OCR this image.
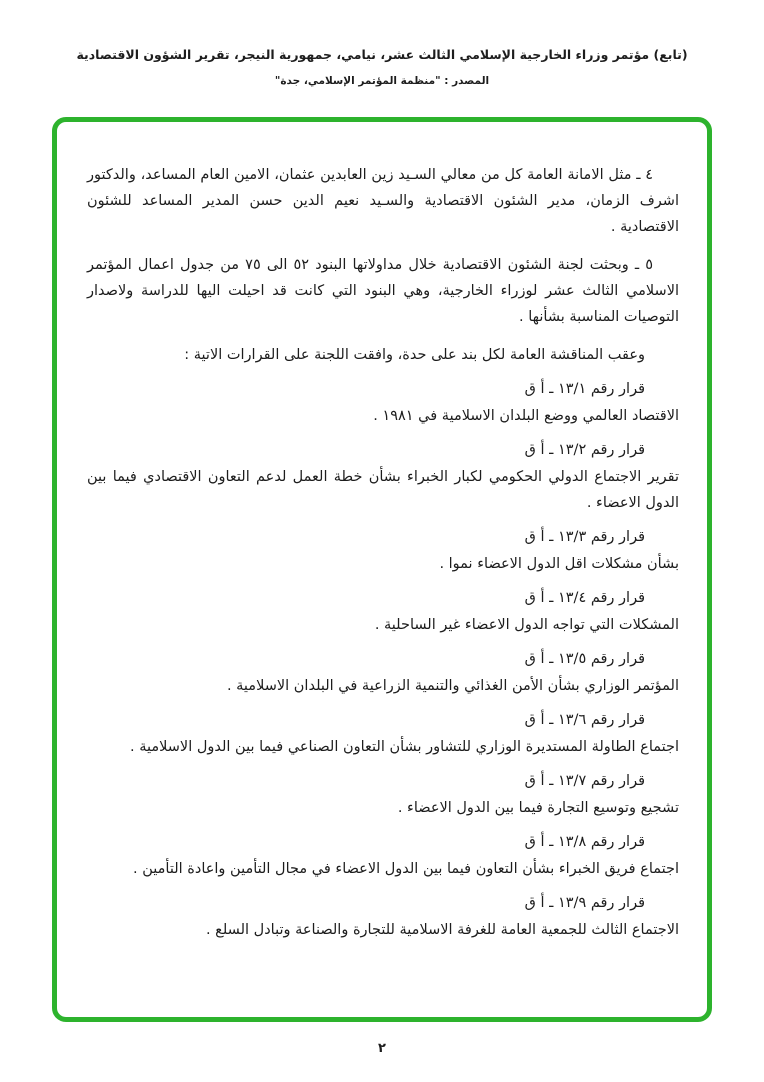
(تابع) مؤتمر وزراء الخارجية الإسلامي الثالث عشر، نيامي، جمهورية النيجر، تقرير الشؤون الاقتصادية
المصدر : "منظمة المؤتمر الإسلامي، جدة"

٤ ـ مثل الامانة العامة كل من معالي السـيد زين العابدين عثمان، الامين العام المساعد، والدكتور اشرف الزمان، مدير الشئون الاقتصادية والسـيد نعيم الدين حسن المدير المساعد للشئون الاقتصادية .

٥ ـ وبحثت لجنة الشئون الاقتصادية خلال مداولاتها البنود ٥٢ الى ٧٥ من جدول اعمال المؤتمر الاسلامي الثالث عشر لوزراء الخارجية، وهي البنود التي كانت قد احيلت اليها للدراسة ولاصدار التوصيات المناسبة بشأنها .

وعقب المناقشة العامة لكل بند على حدة، وافقت اللجنة على القرارات الاتية :

قرار رقم ١٣/١ ـ أ ق

الاقتصاد العالمي ووضع البلدان الاسلامية في ١٩٨١ .

قرار رقم ١٣/٢ ـ أ ق

تقرير الاجتماع الدولي الحكومي لكبار الخبراء بشأن خطة العمل لدعم التعاون الاقتصادي فيما بين الدول الاعضاء .

قرار رقم ١٣/٣ ـ أ ق

بشأن مشكلات اقل الدول الاعضاء نموا .

قرار رقم ١٣/٤ ـ أ ق

المشكلات التي تواجه الدول الاعضاء غير الساحلية .

قرار رقم ١٣/٥ ـ أ ق

المؤتمر الوزاري بشأن الأمن الغذائي والتنمية الزراعية في البلدان الاسلامية .

قرار رقم ١٣/٦ ـ أ ق

اجتماع الطاولة المستديرة الوزاري للتشاور بشأن التعاون الصناعي فيما بين الدول الاسلامية .

قرار رقم ١٣/٧ ـ أ ق

تشجيع وتوسيع التجارة فيما بين الدول الاعضاء .

قرار رقم ١٣/٨ ـ أ ق

اجتماع فريق الخبراء بشأن التعاون فيما بين الدول الاعضاء في مجال التأمين واعادة التأمين .

قرار رقم ١٣/٩ ـ أ ق

الاجتماع الثالث للجمعية العامة للغرفة الاسلامية للتجارة والصناعة وتبادل السلع .

٢
